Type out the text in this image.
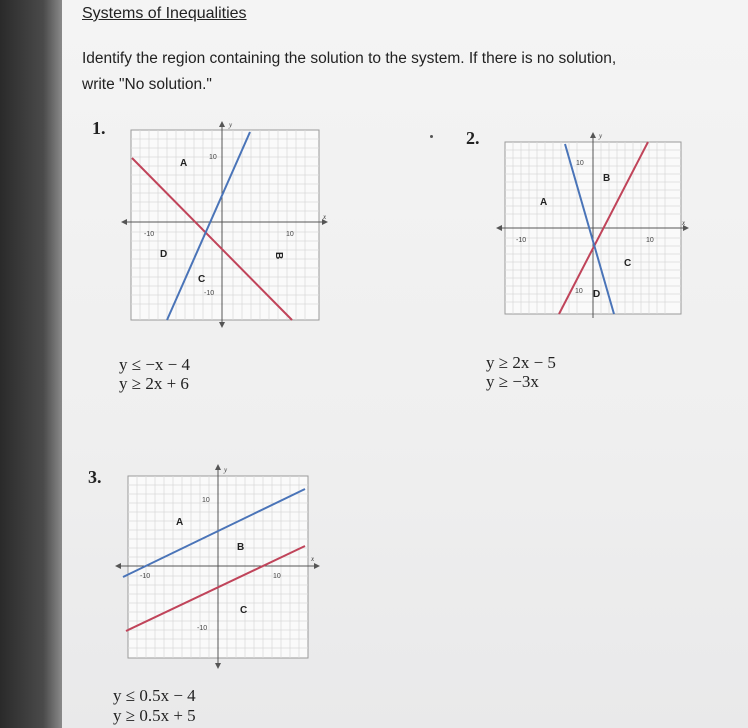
Systems of Inequalities
Identify the region containing the solution to the system. If there is no solution,
write "No solution."
1.	y
x
10
-10
10
-10
A
B
C
D
y ≤ −x − 4
y ≥ 2x + 6
2.	y
x
10
10
10
-10
A
B
C
D
y ≥ 2x − 5
y ≥ −3x
3.	y
x
10
-10
10
-10
A
B
C
y ≤ 0.5x − 4
y ≥ 0.5x + 5
